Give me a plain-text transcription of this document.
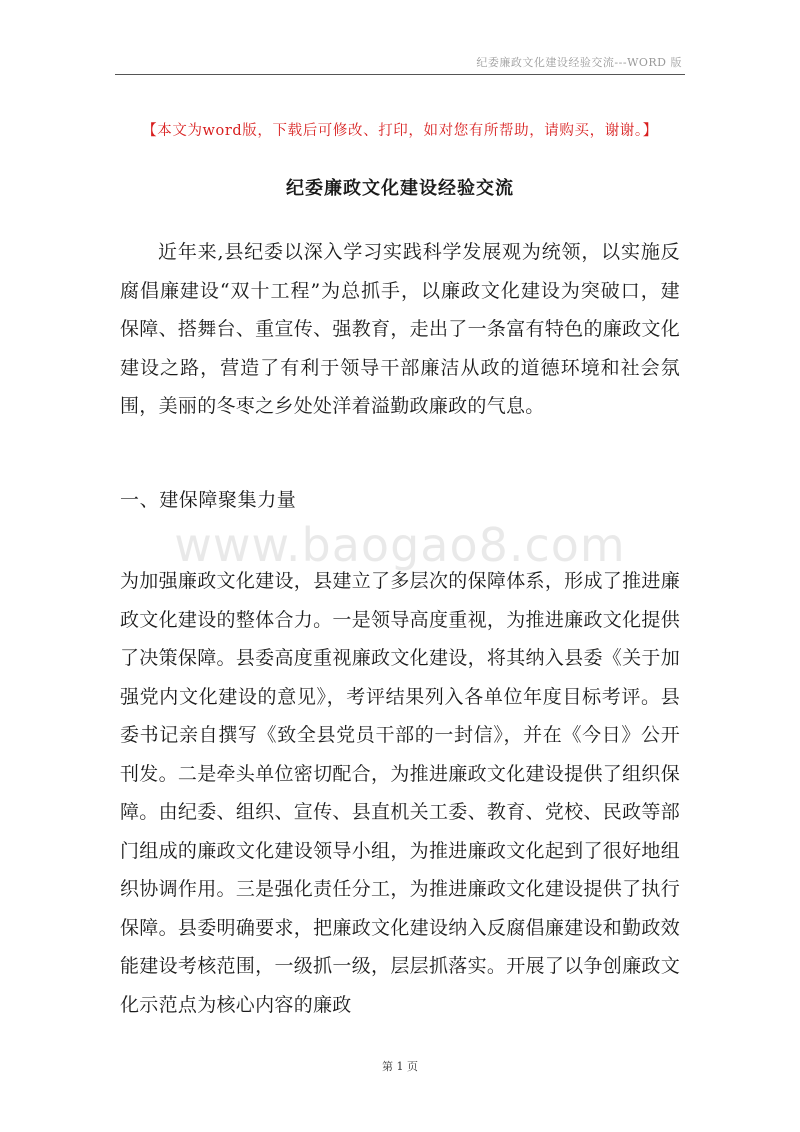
纪委廉政文化建设经验交流---WORD 版
【本文为word版，下载后可修改、打印，如对您有所帮助，请购买，谢谢。】
纪委廉政文化建设经验交流
近年来,县纪委以深入学习实践科学发展观为统领，以实施反腐倡廉建设“双十工程”为总抓手，以廉政文化建设为突破口，建保障、搭舞台、重宣传、强教育，走出了一条富有特色的廉政文化建设之路，营造了有利于领导干部廉洁从政的道德环境和社会氛围，美丽的冬枣之乡处处洋着溢勤政廉政的气息。
一、建保障聚集力量
www.baogao8.com
为加强廉政文化建设，县建立了多层次的保障体系，形成了推进廉政文化建设的整体合力。一是领导高度重视，为推进廉政文化提供了决策保障。县委高度重视廉政文化建设，将其纳入县委《关于加强党内文化建设的意见》，考评结果列入各单位年度目标考评。县委书记亲自撰写《致全县党员干部的一封信》，并在《今日》公开刊发。二是牵头单位密切配合，为推进廉政文化建设提供了组织保障。由纪委、组织、宣传、县直机关工委、教育、党校、民政等部门组成的廉政文化建设领导小组，为推进廉政文化起到了很好地组织协调作用。三是强化责任分工，为推进廉政文化建设提供了执行保障。县委明确要求，把廉政文化建设纳入反腐倡廉建设和勤政效能建设考核范围，一级抓一级，层层抓落实。开展了以争创廉政文化示范点为核心内容的廉政
第 1 页
